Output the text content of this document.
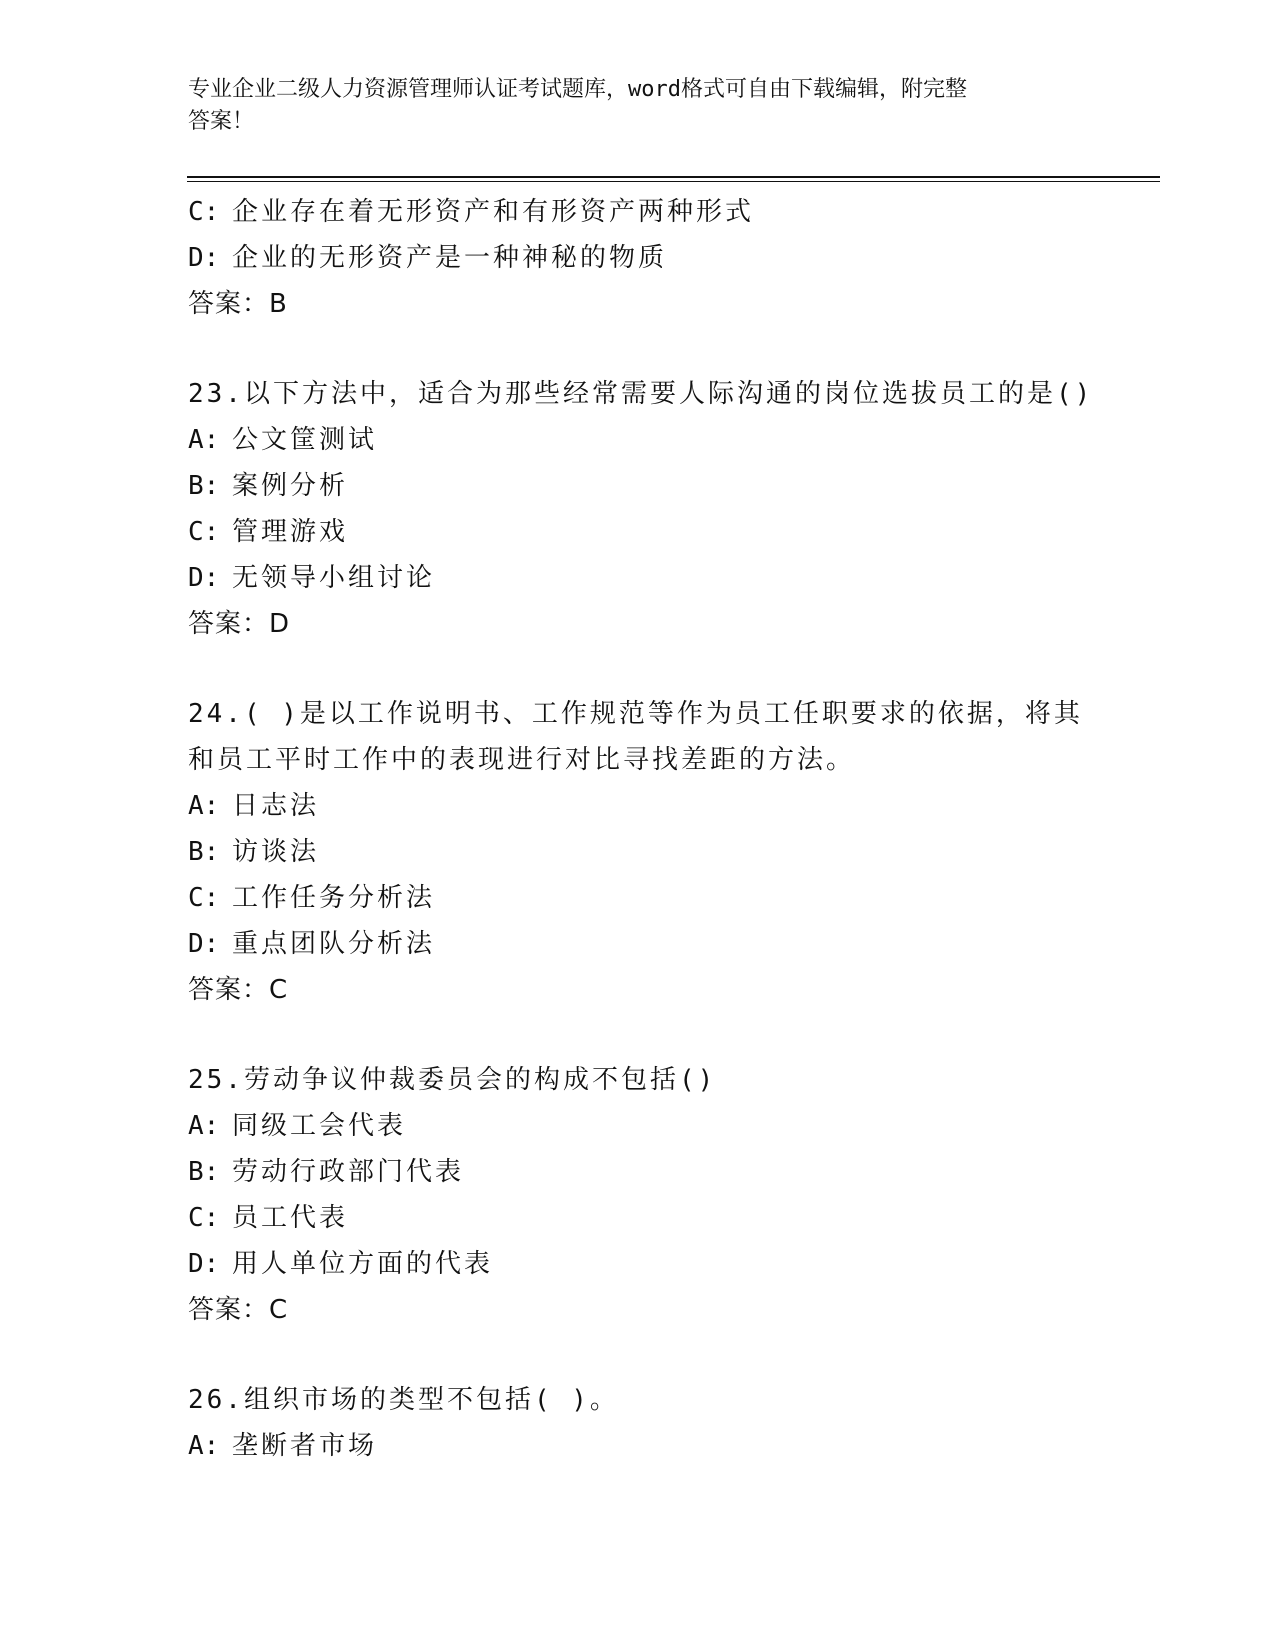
专业企业二级人力资源管理师认证考试题库，word格式可自由下载编辑，附完整
答案！
C: 企业存在着无形资产和有形资产两种形式
D: 企业的无形资产是一种神秘的物质
答案：B
23.以下方法中，适合为那些经常需要人际沟通的岗位选拔员工的是()
A: 公文筐测试
B: 案例分析
C: 管理游戏
D: 无领导小组讨论
答案：D
24.( )是以工作说明书、工作规范等作为员工任职要求的依据，将其
和员工平时工作中的表现进行对比寻找差距的方法。
A: 日志法
B: 访谈法
C: 工作任务分析法
D: 重点团队分析法
答案：C
25.劳动争议仲裁委员会的构成不包括()
A: 同级工会代表
B: 劳动行政部门代表
C: 员工代表
D: 用人单位方面的代表
答案：C
26.组织市场的类型不包括( )。
A: 垄断者市场
